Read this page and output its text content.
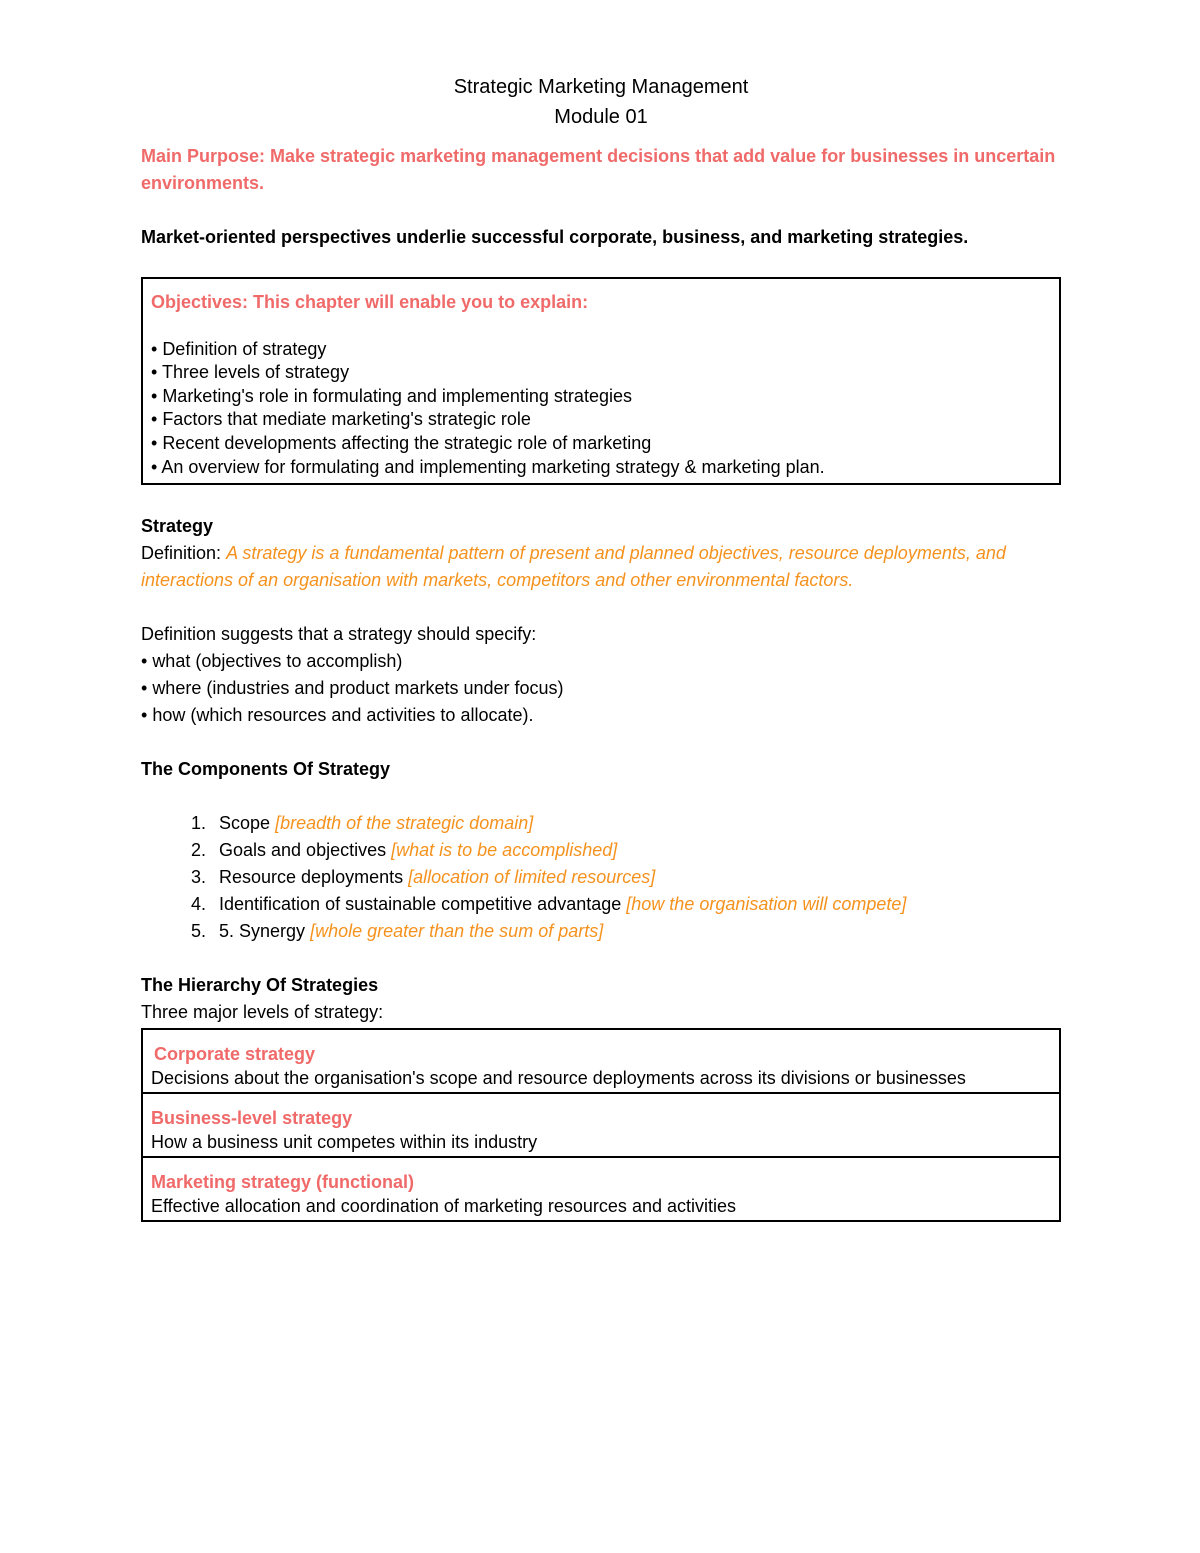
Strategic Marketing Management
Module 01
Main Purpose: Make strategic marketing management decisions that add value for businesses in uncertain environments.
Market-oriented perspectives underlie successful corporate, business, and marketing strategies.
Objectives: This chapter will enable you to explain:
• Definition of strategy
• Three levels of strategy
• Marketing's role in formulating and implementing strategies
• Factors that mediate marketing's strategic role
• Recent developments affecting the strategic role of marketing
• An overview for formulating and implementing marketing strategy & marketing plan.
Strategy
Definition: A strategy is a fundamental pattern of present and planned objectives, resource deployments, and interactions of an organisation with markets, competitors and other environmental factors.
Definition suggests that a strategy should specify:
• what (objectives to accomplish)
• where (industries and product markets under focus)
• how (which resources and activities to allocate).
The Components Of Strategy
1. Scope [breadth of the strategic domain]
2. Goals and objectives [what is to be accomplished]
3. Resource deployments [allocation of limited resources]
4. Identification of sustainable competitive advantage [how the organisation will compete]
5. 5. Synergy [whole greater than the sum of parts]
The Hierarchy Of Strategies
Three major levels of strategy:
Corporate strategy
Decisions about the organisation's scope and resource deployments across its divisions or businesses
Business-level strategy
How a business unit competes within its industry
Marketing strategy (functional)
Effective allocation and coordination of marketing resources and activities
